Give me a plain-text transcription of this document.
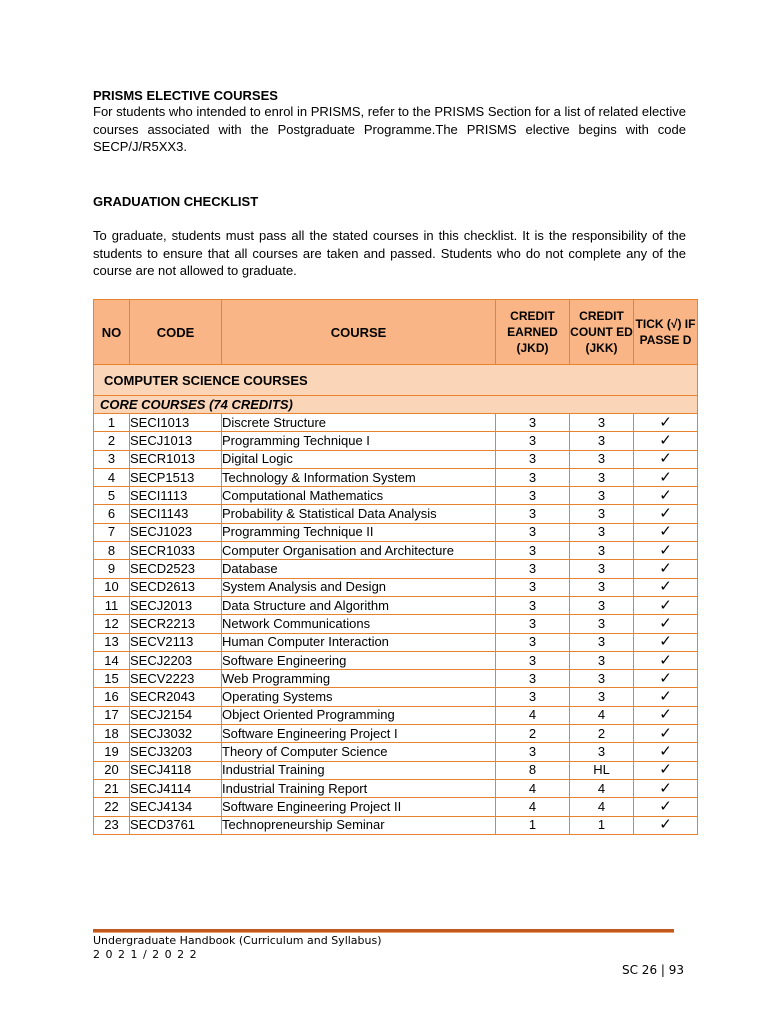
PRISMS ELECTIVE COURSES

For students who intended to enrol in PRISMS, refer to the PRISMS Section for a list of related elective courses associated with the Postgraduate Programme.The PRISMS elective begins with code SECP/J/R5XX3.

GRADUATION CHECKLIST

To graduate, students must pass all the stated courses in this checklist. It is the responsibility of the students to ensure that all courses are taken and passed. Students who do not complete any of the course are not allowed to graduate.

NO	CODE	COURSE	CREDIT EARNED (JKD)	CREDIT COUNT ED (JKK)	TICK (√) IF PASSE D
COMPUTER SCIENCE COURSES					
CORE COURSES (74 CREDITS)					
1	SECI1013	Discrete Structure	3	3	✓
2	SECJ1013	Programming Technique I	3	3	✓
3	SECR1013	Digital Logic	3	3	✓
4	SECP1513	Technology & Information System	3	3	✓
5	SECI1113	Computational Mathematics	3	3	✓
6	SECI1143	Probability & Statistical Data Analysis	3	3	✓
7	SECJ1023	Programming Technique II	3	3	✓
8	SECR1033	Computer Organisation and Architecture	3	3	✓
9	SECD2523	Database	3	3	✓
10	SECD2613	System Analysis and Design	3	3	✓
11	SECJ2013	Data Structure and Algorithm	3	3	✓
12	SECR2213	Network Communications	3	3	✓
13	SECV2113	Human Computer Interaction	3	3	✓
14	SECJ2203	Software Engineering	3	3	✓
15	SECV2223	Web Programming	3	3	✓
16	SECR2043	Operating Systems	3	3	✓
17	SECJ2154	Object Oriented Programming	4	4	✓
18	SECJ3032	Software Engineering Project I	2	2	✓
19	SECJ3203	Theory of Computer Science	3	3	✓
20	SECJ4118	Industrial Training	8	HL	✓
21	SECJ4114	Industrial Training Report	4	4	✓
22	SECJ4134	Software Engineering Project II	4	4	✓
23	SECD3761	Technopreneurship Seminar	1	1	✓

Undergraduate Handbook (Curriculum and Syllabus)

2 0 2 1 / 2 0 2 2

SC 26 | 93
